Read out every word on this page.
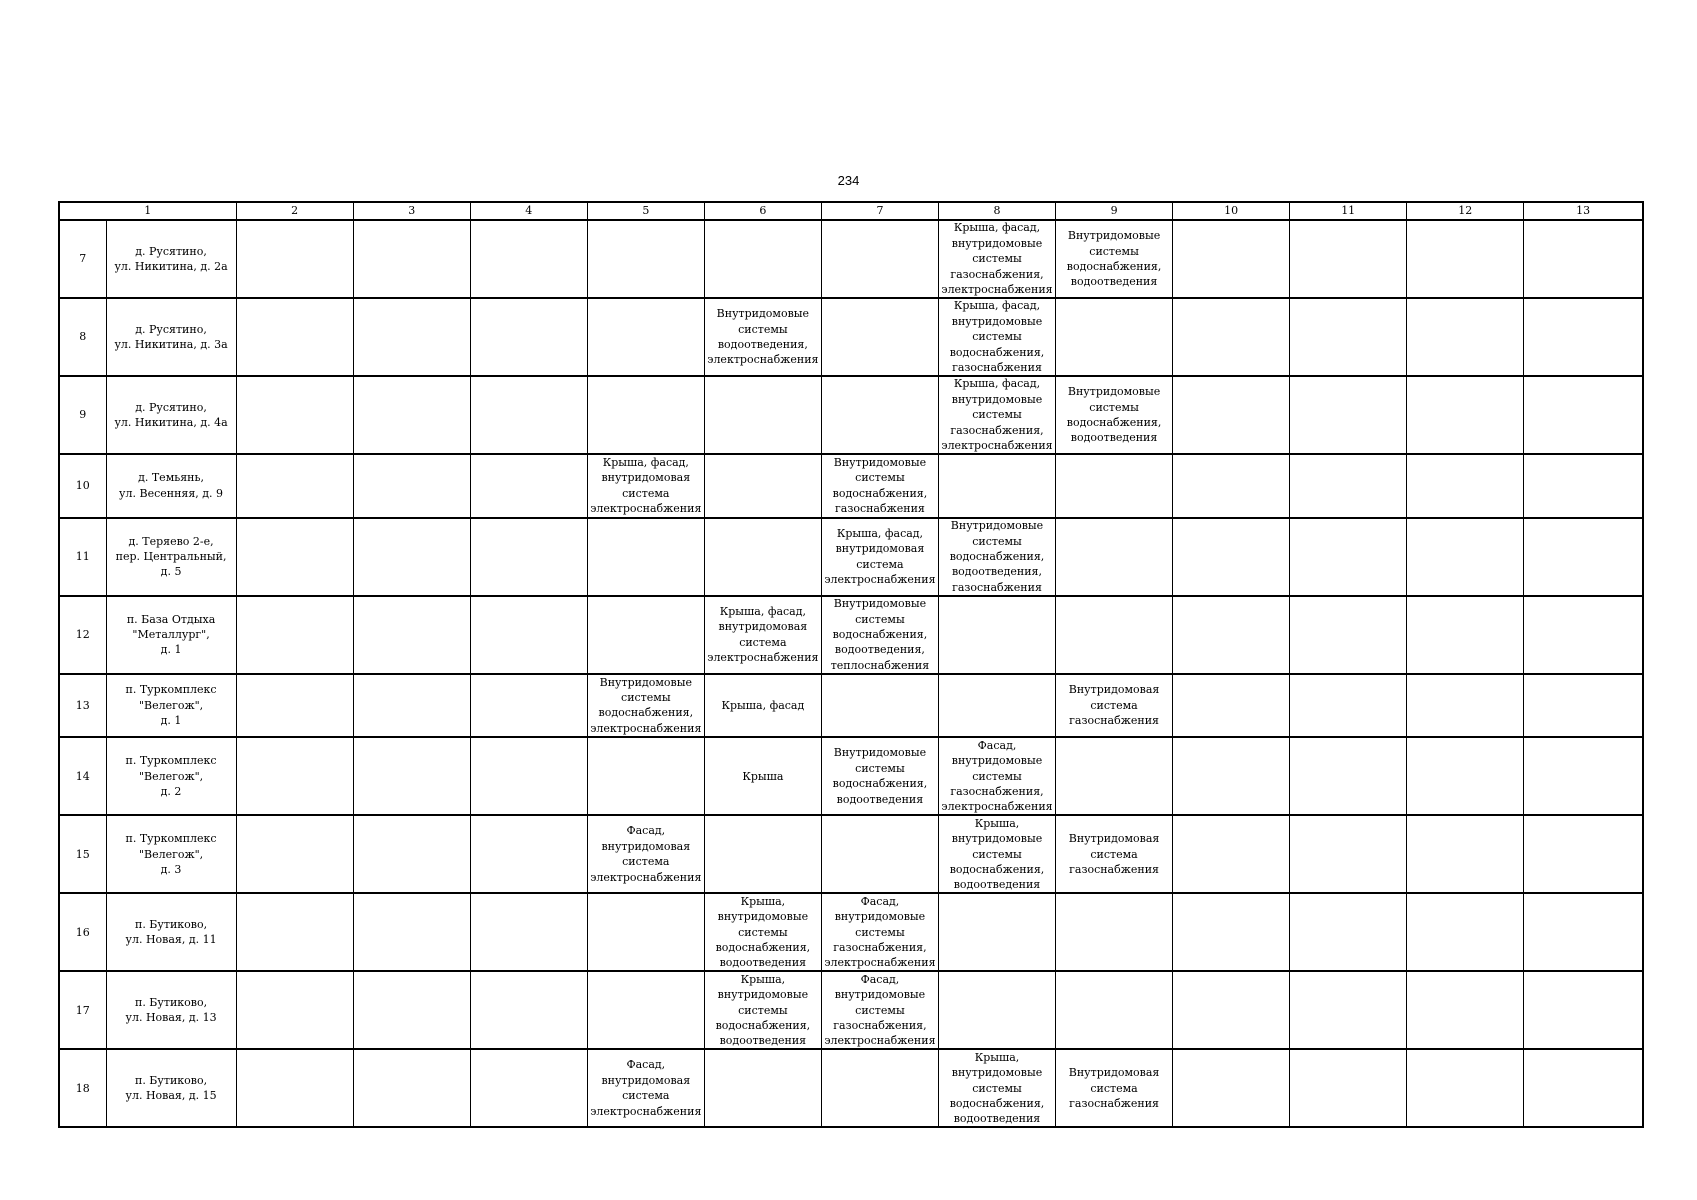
234
1		2	3	4	5	6	7	8	9	10	11	12	13
7	д. Русятино,
ул. Никитина, д. 2а							Крыша, фасад,
внутридомовые
системы
газоснабжения,
электроснабжения	Внутридомовые
системы
водоснабжения,
водоотведения				

8	д. Русятино,
ул. Никитина, д. 3а					Внутридомовые
системы
водоотведения,
электроснабжения		Крыша, фасад,
внутридомовые
системы
водоснабжения,
газоснабжения					

9	д. Русятино,
ул. Никитина, д. 4а							Крыша, фасад,
внутридомовые
системы
газоснабжения,
электроснабжения	Внутридомовые
системы
водоснабжения,
водоотведения				

10	д. Темьянь,
ул. Весенняя, д. 9				Крыша, фасад,
внутридомовая
система
электроснабжения		Внутридомовые
системы
водоснабжения,
газоснабжения						

11	д. Теряево 2-е,
пер. Центральный,
д. 5						Крыша, фасад,
внутридомовая
система
электроснабжения	Внутридомовые
системы
водоснабжения,
водоотведения,
газоснабжения					

12	п. База Отдыха
"Металлург",
д. 1					Крыша, фасад,
внутридомовая
система
электроснабжения	Внутридомовые
системы
водоснабжения,
водоотведения,
теплоснабжения						

13	п. Туркомплекс
"Велегож",
д. 1				Внутридомовые
системы
водоснабжения,
электроснабжения	Крыша, фасад			Внутридомовая
система
газоснабжения				

14	п. Туркомплекс
"Велегож",
д. 2					Крыша	Внутридомовые
системы
водоснабжения,
водоотведения	Фасад,
внутридомовые
системы
газоснабжения,
электроснабжения					

15	п. Туркомплекс
"Велегож",
д. 3				Фасад,
внутридомовая
система
электроснабжения			Крыша,
внутридомовые
системы
водоснабжения,
водоотведения	Внутридомовая
система
газоснабжения				

16	п. Бутиково,
ул. Новая, д. 11					Крыша,
внутридомовые
системы
водоснабжения,
водоотведения	Фасад,
внутридомовые
системы
газоснабжения,
электроснабжения						

17	п. Бутиково,
ул. Новая, д. 13					Крыша,
внутридомовые
системы
водоснабжения,
водоотведения	Фасад,
внутридомовые
системы
газоснабжения,
электроснабжения						

18	п. Бутиково,
ул. Новая, д. 15				Фасад,
внутридомовая
система
электроснабжения			Крыша,
внутридомовые
системы
водоснабжения,
водоотведения	Внутридомовая
система
газоснабжения				
